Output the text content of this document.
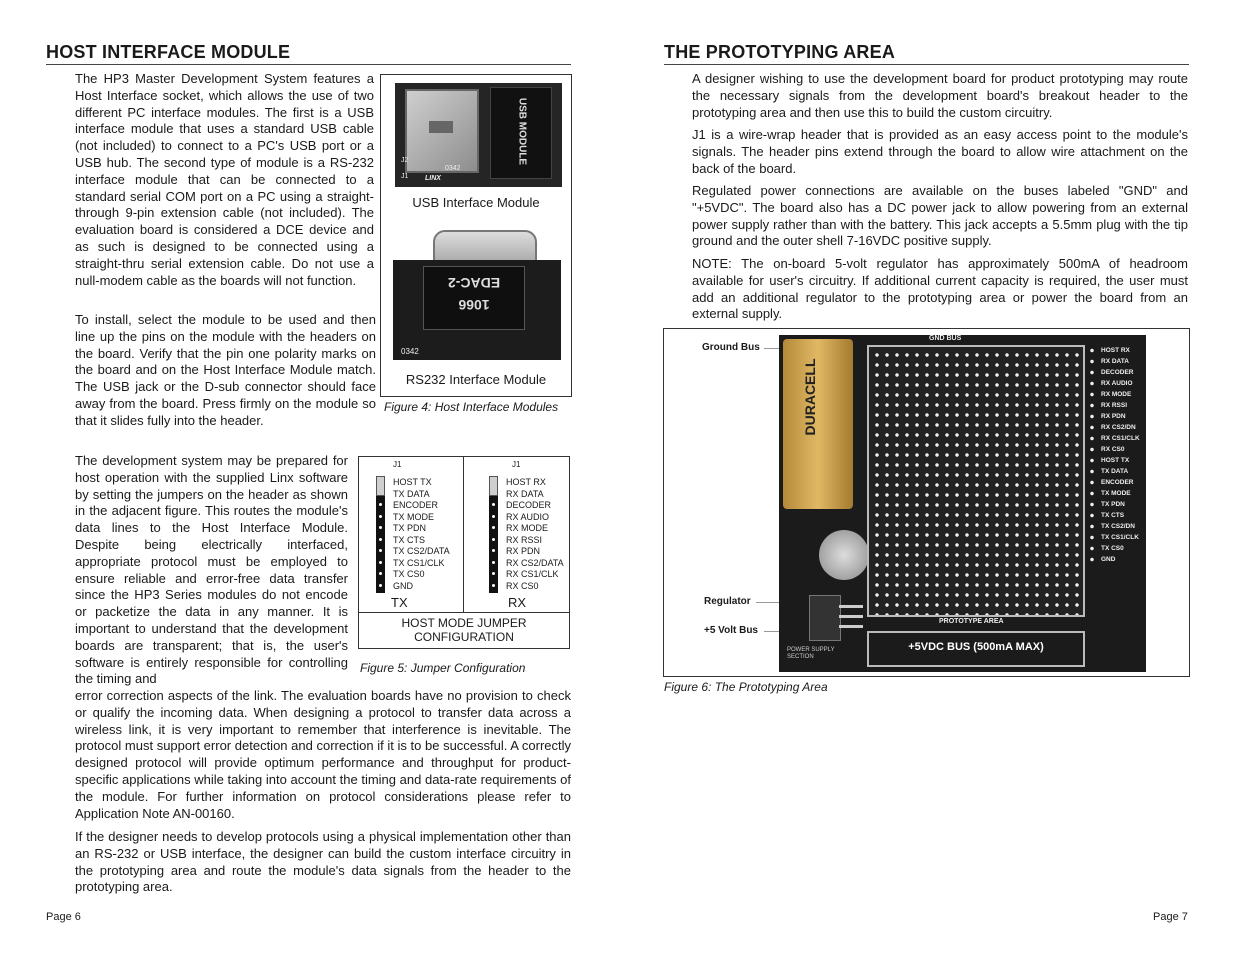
HOST INTERFACE MODULE

The HP3 Master Development System features a Host Interface socket, which allows the use of two different PC interface modules. The first is a USB interface module that uses a standard USB cable (not included) to connect to a PC's USB port or a USB hub. The second type of module is a RS-232 interface module that can be connected to a standard serial COM port on a PC using a straight-through 9-pin extension cable (not included). The evaluation board is considered a DCE device and as such is designed to be connected using a straight-thru serial extension cable. Do not use a null-modem cable as the boards will not function.

To install, select the module to be used and then line up the pins on the module with the headers on the board. Verify that the pin one polarity marks on the board and on the Host Interface Module match. The USB jack or the D-sub connector should face away from the board. Press firmly on the module so that it slides fully into the header.

The development system may be prepared for host operation with the supplied Linx software by setting the jumpers on the header as shown in the adjacent figure. This routes the module's data lines to the Host Interface Module. Despite being electrically interfaced, appropriate protocol must be employed to ensure reliable and error-free data transfer since the HP3 Series modules do not encode or packetize the data in any manner. It is important to understand that the development boards are transparent; that is, the user's software is entirely responsible for controlling the timing and

error correction aspects of the link. The evaluation boards have no provision to check or qualify the incoming data. When designing a protocol to transfer data across a wireless link, it is very important to remember that interference is inevitable. The protocol must support error detection and correction if it is to be successful. A correctly designed protocol will provide optimum performance and throughput for product-specific applications while taking into account the timing and data-rate requirements of the module. For further information on protocol considerations please refer to Application Note AN-00160.

If the designer needs to develop protocols using a physical implementation other than an RS-232 or USB interface, the designer can build the custom interface circuitry in the prototyping area and route the module's data signals from the header to the prototyping area.

USB MODULE
J1
J2
0342
LINX
USB Interface Module
EDAC-2
1066
0342
RS232 Interface Module
Figure 4: Host Interface Modules
J1	J1
HOST TX
TX DATA
ENCODER
TX MODE
TX PDN
TX CTS
TX CS2/DATA
TX CS1/CLK
TX CS0
GND
HOST RX
RX DATA
DECODER
RX AUDIO
RX MODE
RX RSSI
RX PDN
RX CS2/DATA
RX CS1/CLK
RX CS0
TX	RX
HOST MODE JUMPER
CONFIGURATION
Figure 5: Jumper Configuration
Page 6
THE PROTOTYPING AREA

A designer wishing to use the development board for product prototyping may route the necessary signals from the development board's breakout header to the prototyping area and then use this to build the custom circuitry.

J1 is a wire-wrap header that is provided as an easy access point to the module's signals. The header pins extend through the board to allow wire attachment on the back of the board.

Regulated power connections are available on the buses labeled "GND" and "+5VDC". The board also has a DC power jack to allow powering from an external power supply rather than with the battery. This jack accepts a 5.5mm plug with the tip ground and the outer shell 7-16VDC positive supply.

NOTE: The on-board 5-volt regulator has approximately 500mA of headroom available for user's circuitry. If additional current capacity is required, the user must add an additional regulator to the prototyping area or power the board from an external supply.

Ground Bus
Regulator
+5 Volt Bus
DURACELL
POWER SUPPLY SECTION
GND BUS
PROTOTYPE AREA
+5VDC BUS (500mA MAX)
HOST RX
RX DATA
DECODER
RX AUDIO
RX MODE
RX RSSI
RX PDN
RX CS2/DN
RX CS1/CLK
RX CS0
HOST TX
TX DATA
ENCODER
TX MODE
TX PDN
TX CTS
TX CS2/DN
TX CS1/CLK
TX CS0
GND
Figure 6: The Prototyping Area
Page 7
